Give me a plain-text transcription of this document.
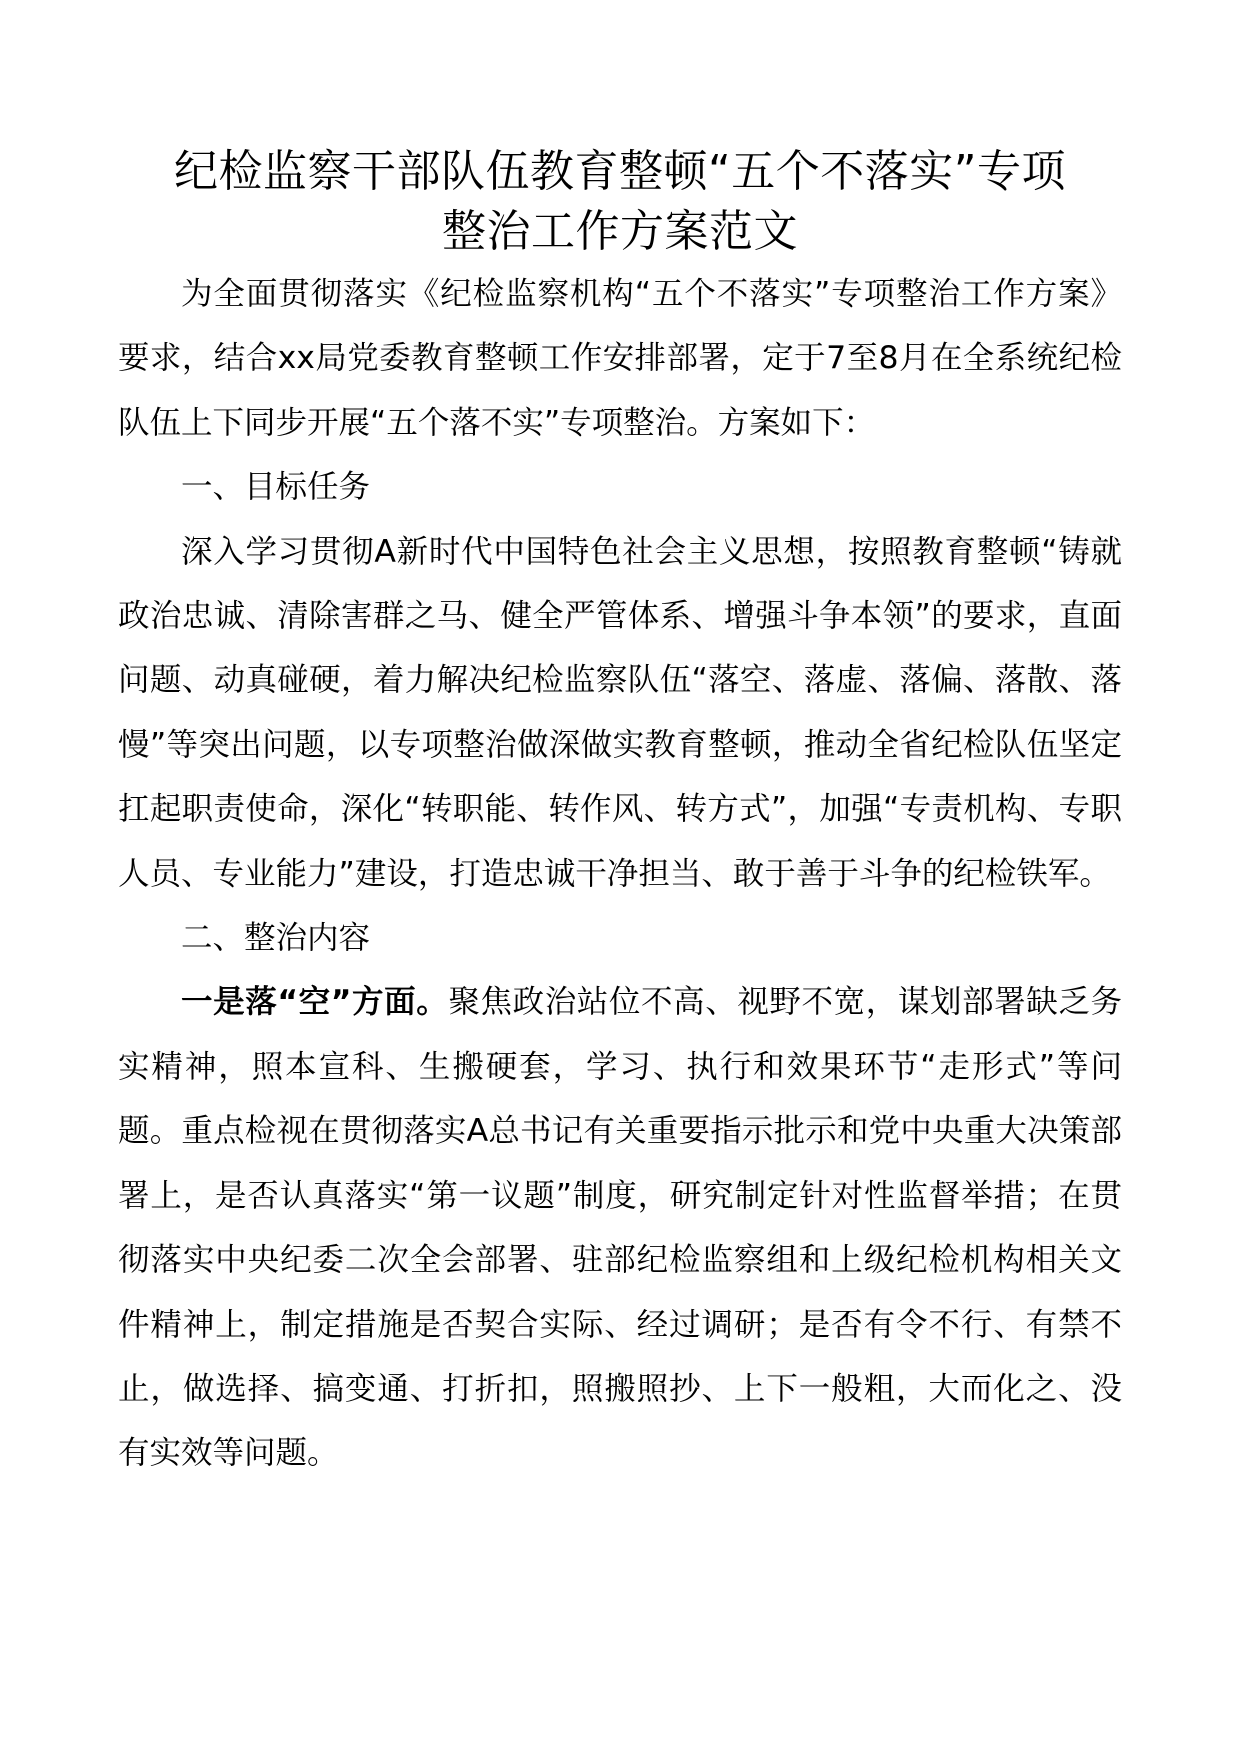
纪检监察干部队伍教育整顿“五个不落实”专项
整治工作方案范文

为全面贯彻落实《纪检监察机构“五个不落实”专项整治工作方案》要求，结合xx局党委教育整顿工作安排部署，定于7至8月在全系统纪检队伍上下同步开展“五个落不实”专项整治。方案如下：

一、目标任务

深入学习贯彻A新时代中国特色社会主义思想，按照教育整顿“铸就政治忠诚、清除害群之马、健全严管体系、增强斗争本领”的要求，直面问题、动真碰硬，着力解决纪检监察队伍“落空、落虚、落偏、落散、落慢”等突出问题，以专项整治做深做实教育整顿，推动全省纪检队伍坚定扛起职责使命，深化“转职能、转作风、转方式”，加强“专责机构、专职人员、专业能力”建设，打造忠诚干净担当、敢于善于斗争的纪检铁军。

二、整治内容

一是落“空”方面。聚焦政治站位不高、视野不宽，谋划部署缺乏务实精神，照本宣科、生搬硬套，学习、执行和效果环节“走形式”等问题。重点检视在贯彻落实A总书记有关重要指示批示和党中央重大决策部署上，是否认真落实“第一议题”制度，研究制定针对性监督举措；在贯彻落实中央纪委二次全会部署、驻部纪检监察组和上级纪检机构相关文件精神上，制定措施是否契合实际、经过调研；是否有令不行、有禁不止，做选择、搞变通、打折扣，照搬照抄、上下一般粗，大而化之、没有实效等问题。
